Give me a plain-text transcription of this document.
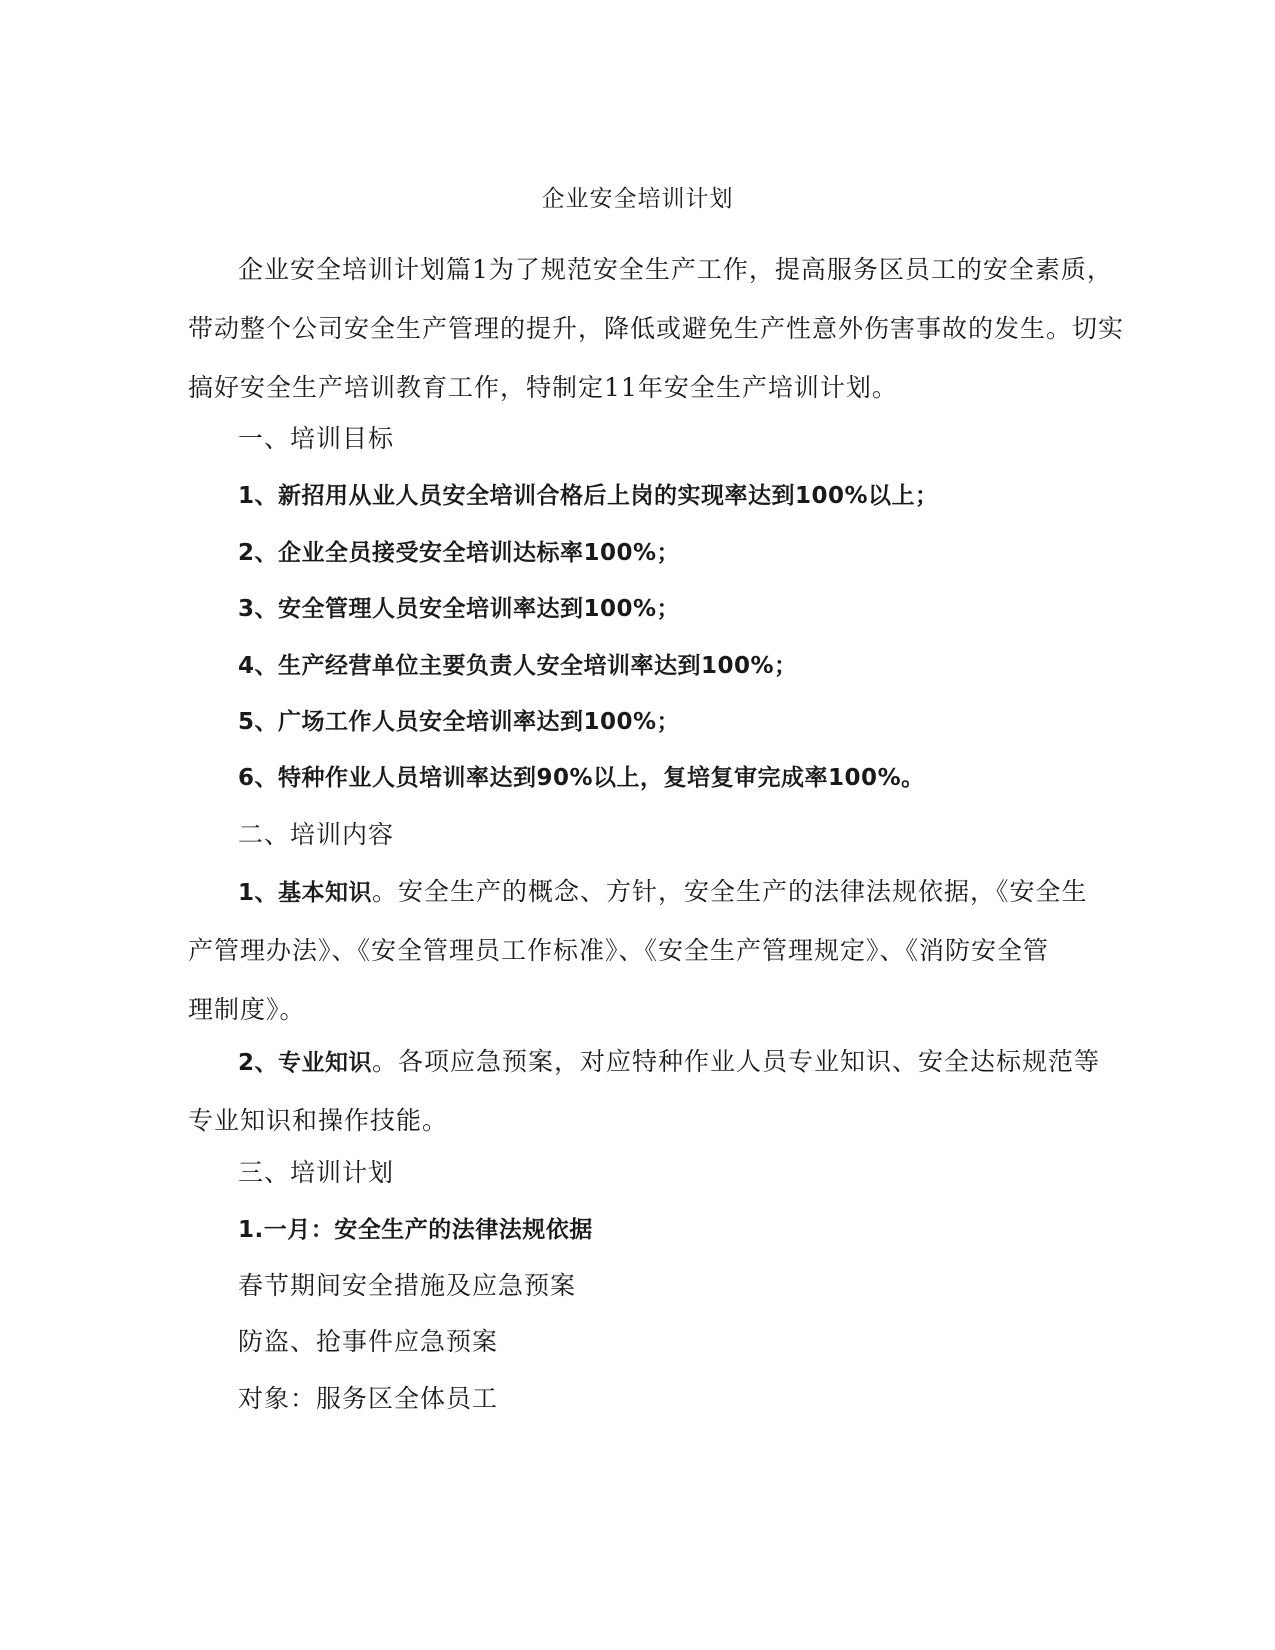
企业安全培训计划
企业安全培训计划篇1为了规范安全生产工作，提高服务区员工的安全素质，
带动整个公司安全生产管理的提升，降低或避免生产性意外伤害事故的发生。切实
搞好安全生产培训教育工作，特制定11年安全生产培训计划。
一、培训目标
1、新招用从业人员安全培训合格后上岗的实现率达到100%以上；
2、企业全员接受安全培训达标率100%；
3、安全管理人员安全培训率达到100%；
4、生产经营单位主要负责人安全培训率达到100%；
5、广场工作人员安全培训率达到100%；
6、特种作业人员培训率达到90%以上，复培复审完成率100%。
二、培训内容
1、基本知识。安全生产的概念、方针，安全生产的法律法规依据，《安全生
产管理办法》、《安全管理员工作标准》、《安全生产管理规定》、《消防安全管
理制度》。
2、专业知识。各项应急预案，对应特种作业人员专业知识、安全达标规范等
专业知识和操作技能。
三、培训计划
1.一月：安全生产的法律法规依据
春节期间安全措施及应急预案
防盗、抢事件应急预案
对象：服务区全体员工
